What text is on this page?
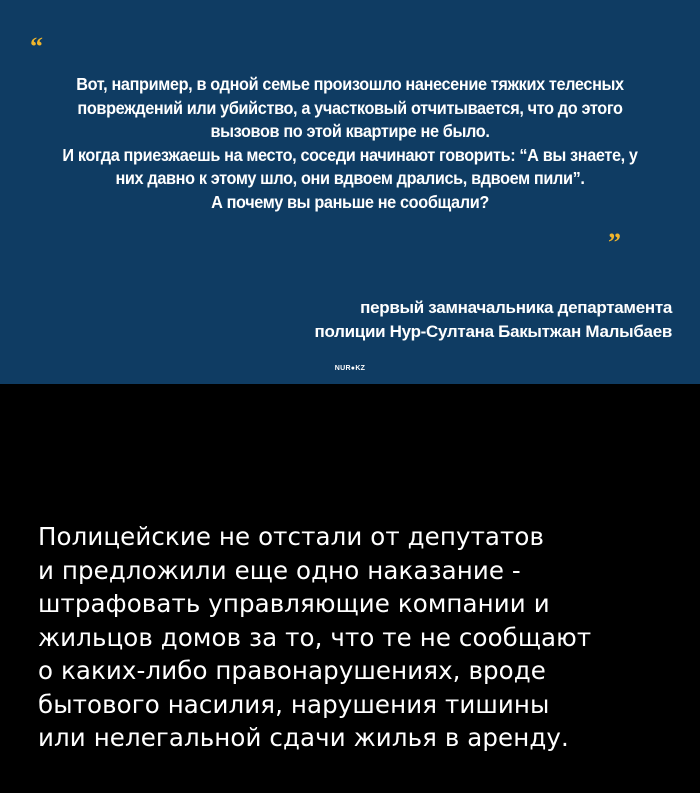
“

Вот, например, в одной семье произошло нанесение тяжких телесных

повреждений или убийство, а участковый отчитывается, что до этого

вызовов по этой квартире не было.

И когда приезжаешь на место, соседи начинают говорить: “А вы знаете, у

них давно к этому шло, они вдвоем дрались, вдвоем пили”.

А почему вы раньше не сообщали?

”

первый замначальника департамента

полиции Нур-Султана Бакытжан Малыбаев

NUR●KZ

Полицейские не отстали от депутатов

и предложили еще одно наказание -

штрафовать управляющие компании и

жильцов домов за то, что те не сообщают

о каких-либо правонарушениях, вроде

бытового насилия, нарушения тишины

или нелегальной сдачи жилья в аренду.
